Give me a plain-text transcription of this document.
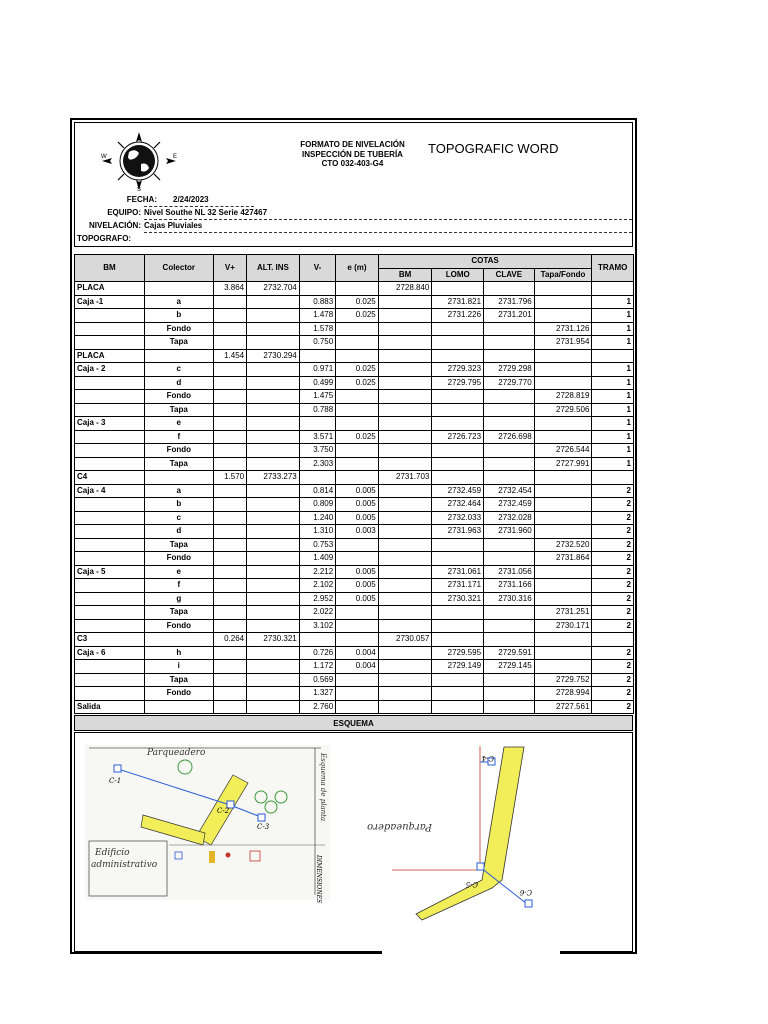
W	E
S
FORMATO DE NIVELACIÓN
INSPECCIÓN DE TUBERÍA
CTO 032-403-G4
TOPOGRAFIC WORD
FECHA: 2/24/2023
EQUIPO: Nivel Southe NL 32 Serie 427467
NIVELACIÓN: Cajas Pluviales
TOPOGRAFO:
BM	Colector	V+	ALT. INS	V-	e (m)	COTAS				TRAMO
						BM	LOMO	CLAVE	Tapa/Fondo	
PLACA		3.864	2732.704			2728.840				
Caja -1	a			0.883	0.025		2731.821	2731.796		1
	b			1.478	0.025		2731.226	2731.201		1
	Fondo			1.578					2731.126	1
	Tapa			0.750					2731.954	1
PLACA		1.454	2730.294							
Caja - 2	c			0.971	0.025		2729.323	2729.298		1
	d			0.499	0.025		2729.795	2729.770		1
	Fondo			1.475					2728.819	1
	Tapa			0.788					2729.506	1
Caja - 3	e									1
	f			3.571	0.025		2726.723	2726.698		1
	Fondo			3.750					2726.544	1
	Tapa			2.303					2727.991	1
C4		1.570	2733.273			2731.703				
Caja - 4	a			0.814	0.005		2732.459	2732.454		2
	b			0.809	0.005		2732.464	2732.459		2
	c			1.240	0.005		2732.033	2732.028		2
	d			1.310	0.003		2731.963	2731.960		2
	Tapa			0.753					2732.520	2
	Fondo			1.409					2731.864	2
Caja - 5	e			2.212	0.005		2731.061	2731.056		2
	f			2.102	0.005		2731.171	2731.166		2
	g			2.952	0.005		2730.321	2730.316		2
	Tapa			2.022					2731.251	2
	Fondo			3.102					2730.171	2
C3		0.264	2730.321			2730.057				
Caja - 6	h			0.726	0.004		2729.595	2729.591		2
	i			1.172	0.004		2729.149	2729.145		2
	Tapa			0.569					2729.752	2
	Fondo			1.327					2728.994	2
Salida				2.760					2727.561	2
ESQUEMA
Parqueadero	Esquema de planta
C-1
C-2
C-3
Edificio
administrativo	DIMENSIONES
Parqueadero
C-4
C-5
C-6
